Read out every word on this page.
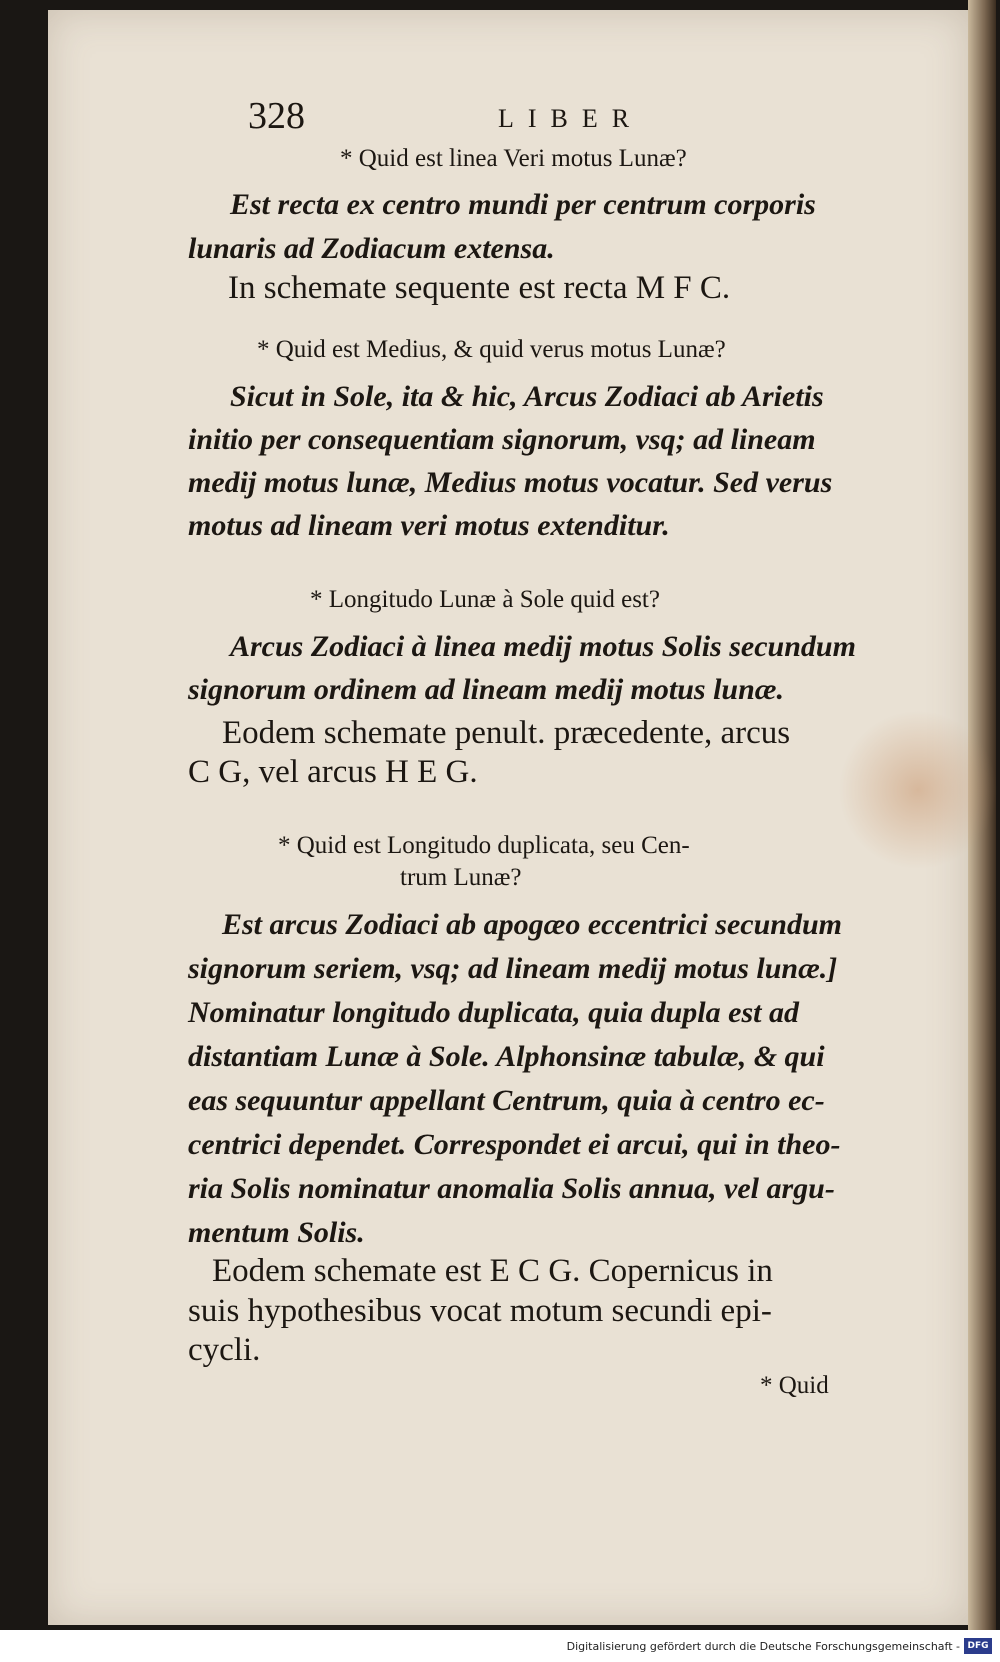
328	LIBER
* Quid est linea Veri motus Lunæ?
Est recta ex centro mundi per centrum corporis
lunaris ad Zodiacum extensa.
In schemate sequente est recta M F C.
* Quid est Medius, & quid verus motus Lunæ?
Sicut in Sole, ita & hic, Arcus Zodiaci ab Arietis
initio per consequentiam signorum, vsq; ad lineam
medij motus lunæ, Medius motus vocatur. Sed verus
motus ad lineam veri motus extenditur.
* Longitudo Lunæ à Sole quid est?
Arcus Zodiaci à linea medij motus Solis secundum
signorum ordinem ad lineam medij motus lunæ.
Eodem schemate penult. præcedente, arcus
C G, vel arcus H E G.
* Quid est Longitudo duplicata, seu Cen-
trum Lunæ?
Est arcus Zodiaci ab apogæo eccentrici secundum
signorum seriem, vsq; ad lineam medij motus lunæ.]
Nominatur longitudo duplicata, quia dupla est ad
distantiam Lunæ à Sole. Alphonsinæ tabulæ, & qui
eas sequuntur appellant Centrum, quia à centro ec-
centrici dependet. Correspondet ei arcui, qui in theo-
ria Solis nominatur anomalia Solis annua, vel argu-
mentum Solis.
Eodem schemate est E C G. Copernicus in
suis hypothesibus vocat motum secundi epi-
cycli.
* Quid
Digitalisierung gefördert durch die Deutsche Forschungsgemeinschaft - DFG
